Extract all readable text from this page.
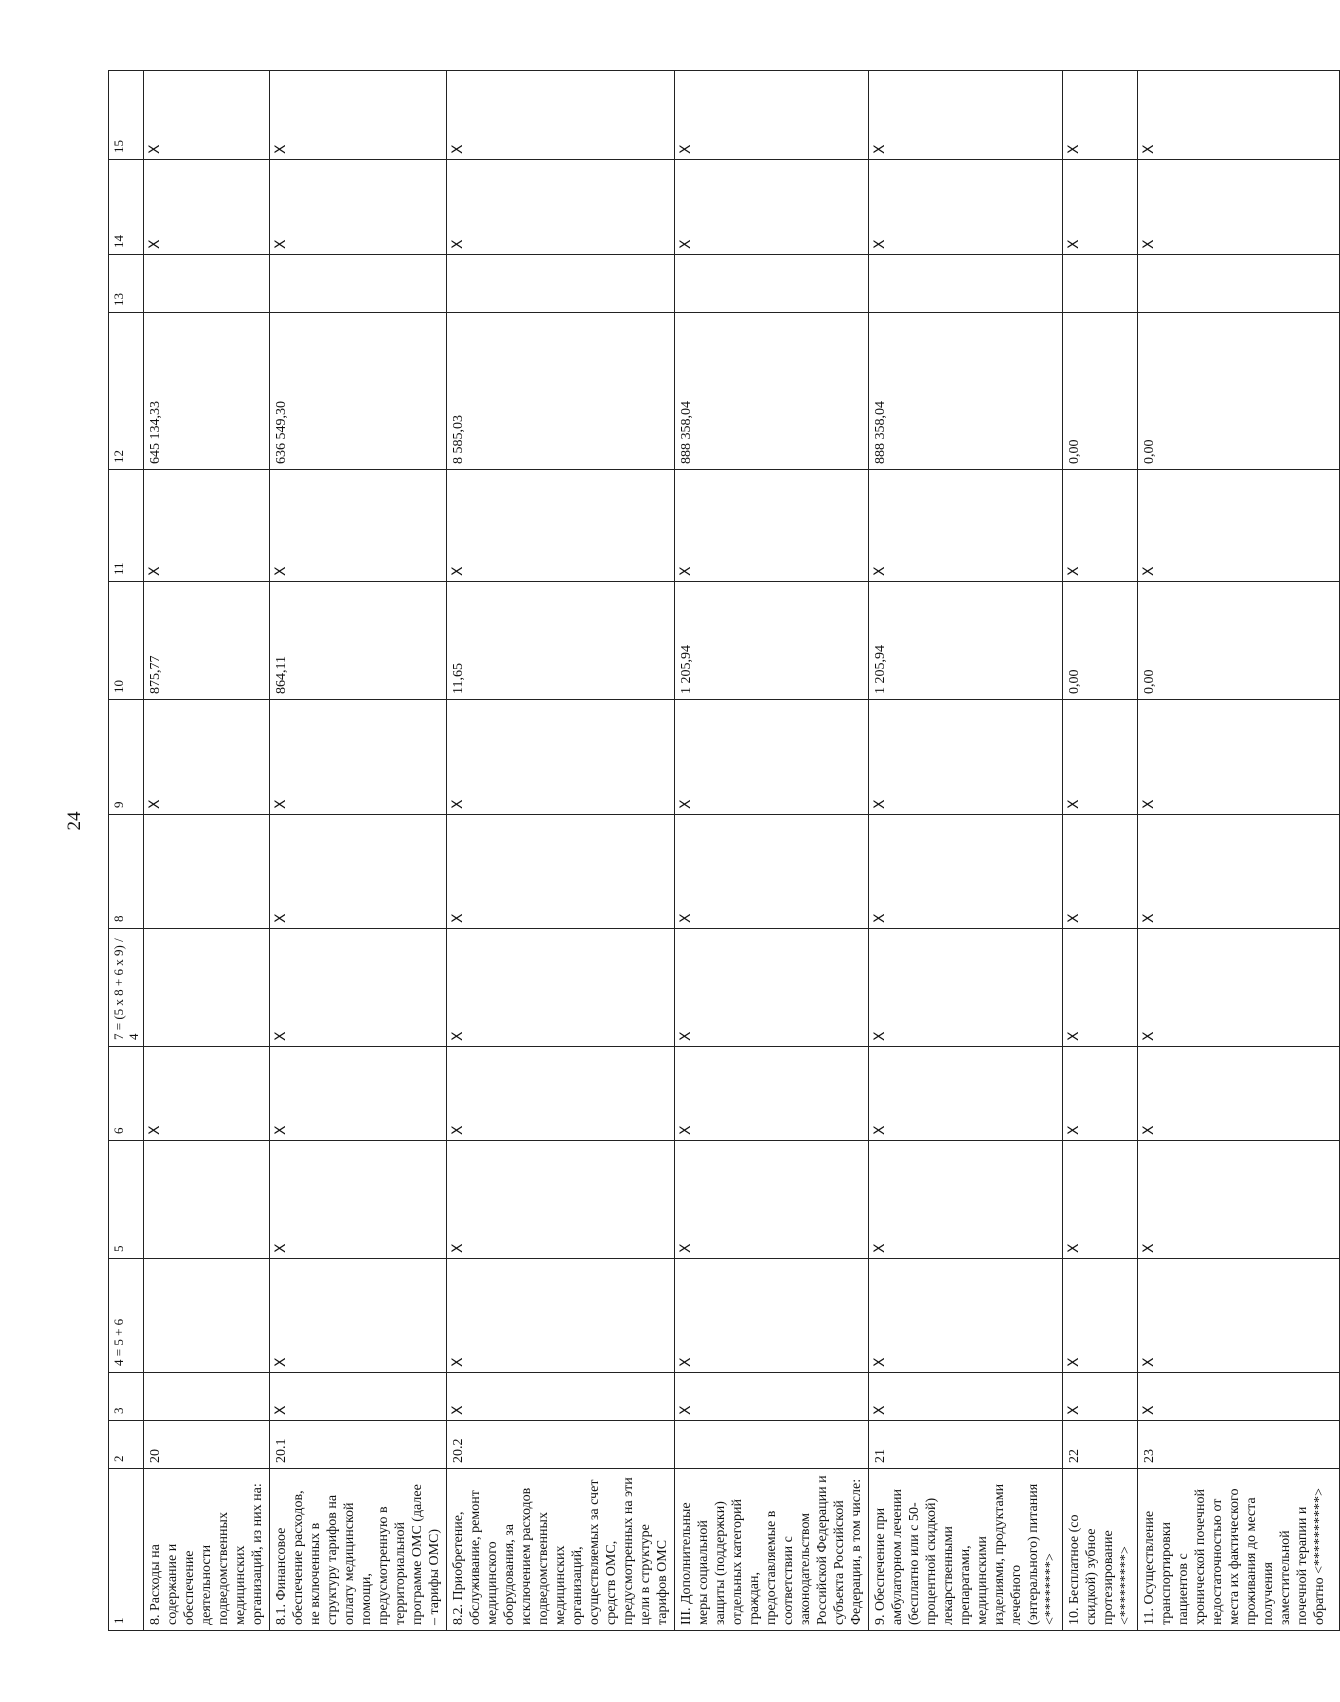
24
1	2	3	4 = 5 + 6	5	6	7 = (5 x 8 + 6 x 9) / 4	8	9	10	11	12	13	14	15
8. Расходы на содержание и обеспечение деятельности подведомственных медицинских организаций, из них на:	20				X			X	875,77	X	645 134,33		X	X
8.1. Финансовое обеспечение расходов, не включенных в структуру тарифов на оплату медицинской помощи, предусмотренную в территориальной программе ОМС (далее – тарифы ОМС)	20.1	X	X	X	X	X	X	X	864,11	X	636 549,30		X	X
8.2. Приобретение, обслуживание, ремонт медицинского оборудования, за исключением расходов подведомственных медицинских организаций, осуществляемых за счет средств ОМС, предусмотренных на эти цели в структуре тарифов ОМС	20.2	X	X	X	X	X	X	X	11,65	X	8 585,03		X	X
III. Дополнительные меры социальной защиты (поддержки) отдельных категорий граждан, предоставляемые в соответствии с законодательством Российской Федерации и субъекта Российской Федерации, в том числе:		X	X	X	X	X	X	X	1 205,94	X	888 358,04		X	X
9. Обеспечение при амбулаторном лечении (бесплатно или с 50-процентной скидкой) лекарственными препаратами, медицинскими изделиями, продуктами лечебного (энтерального) питания <********>	21	X	X	X	X	X	X	X	1 205,94	X	888 358,04		X	X
10. Бесплатное (со скидкой) зубное протезирование <*********>	22	X	X	X	X	X	X	X	0,00	X	0,00		X	X
11. Осуществление транспортировки пациентов с хронической почечной недостаточностью от места их фактического проживания до места получения заместительной почечной терапии и обратно <**********>	23	X	X	X	X	X	X	X	0,00	X	0,00		X	X
